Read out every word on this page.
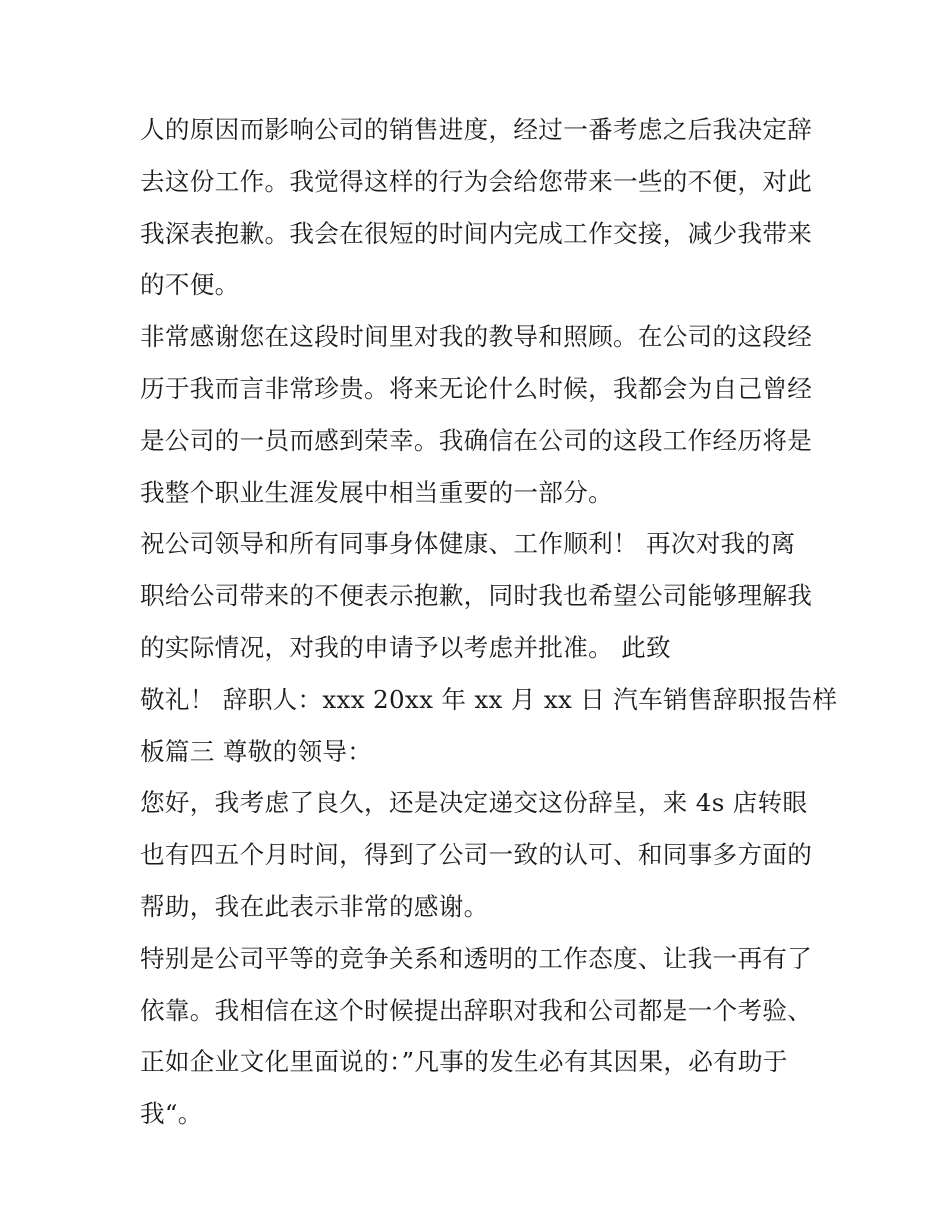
人的原因而影响公司的销售进度，经过一番考虑之后我决定辞
去这份工作。我觉得这样的行为会给您带来一些的不便，对此
我深表抱歉。我会在很短的时间内完成工作交接，减少我带来
的不便。
非常感谢您在这段时间里对我的教导和照顾。在公司的这段经
历于我而言非常珍贵。将来无论什么时候，我都会为自己曾经
是公司的一员而感到荣幸。我确信在公司的这段工作经历将是
我整个职业生涯发展中相当重要的一部分。
祝公司领导和所有同事身体健康、工作顺利！ 再次对我的离
职给公司带来的不便表示抱歉，同时我也希望公司能够理解我
的实际情况，对我的申请予以考虑并批准。 此致
敬礼！ 辞职人：xxx 20xx 年 xx 月 xx 日 汽车销售辞职报告样
板篇三 尊敬的领导：
您好，我考虑了良久，还是决定递交这份辞呈，来 4s 店转眼
也有四五个月时间，得到了公司一致的认可、和同事多方面的
帮助，我在此表示非常的感谢。
特别是公司平等的竞争关系和透明的工作态度、让我一再有了
依靠。我相信在这个时候提出辞职对我和公司都是一个考验、
正如企业文化里面说的：”凡事的发生必有其因果，必有助于
我“。
